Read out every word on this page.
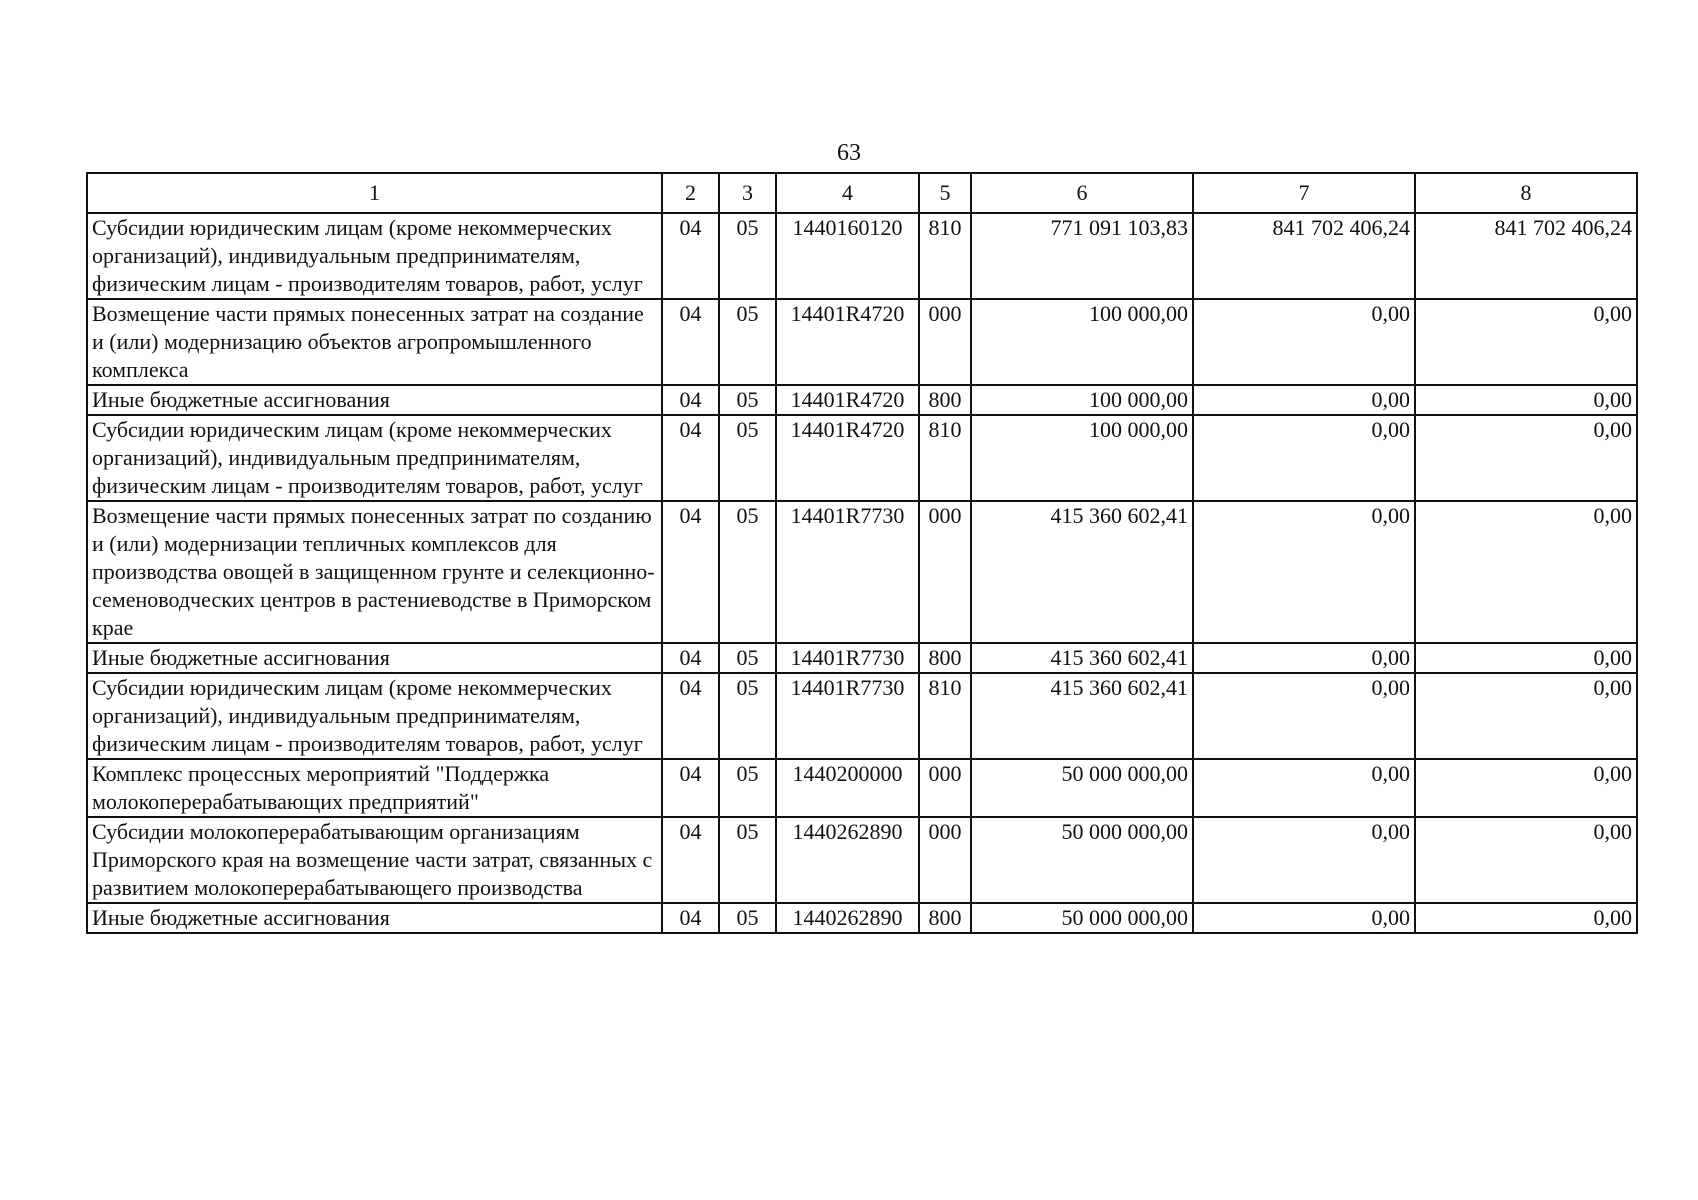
63
1	2	3	4	5	6	7	8
Субсидии юридическим лицам (кроме некоммерческих организаций), индивидуальным предпринимателям, физическим лицам - производителям товаров, работ, услуг	04	05	1440160120	810	771 091 103,83	841 702 406,24	841 702 406,24
Возмещение части прямых понесенных затрат на создание и (или) модернизацию объектов агропромышленного комплекса	04	05	14401R4720	000	100 000,00	0,00	0,00
Иные бюджетные ассигнования	04	05	14401R4720	800	100 000,00	0,00	0,00
Субсидии юридическим лицам (кроме некоммерческих организаций), индивидуальным предпринимателям, физическим лицам - производителям товаров, работ, услуг	04	05	14401R4720	810	100 000,00	0,00	0,00
Возмещение части прямых понесенных затрат по созданию и (или) модернизации тепличных комплексов для производства овощей в защищенном грунте и селекционно-семеноводческих центров в растениеводстве в Приморском крае	04	05	14401R7730	000	415 360 602,41	0,00	0,00
Иные бюджетные ассигнования	04	05	14401R7730	800	415 360 602,41	0,00	0,00
Субсидии юридическим лицам (кроме некоммерческих организаций), индивидуальным предпринимателям, физическим лицам - производителям товаров, работ, услуг	04	05	14401R7730	810	415 360 602,41	0,00	0,00
Комплекс процессных мероприятий "Поддержка молокоперерабатывающих предприятий"	04	05	1440200000	000	50 000 000,00	0,00	0,00
Субсидии молокоперерабатывающим организациям Приморского края на возмещение части затрат, связанных с развитием молокоперерабатывающего производства	04	05	1440262890	000	50 000 000,00	0,00	0,00
Иные бюджетные ассигнования	04	05	1440262890	800	50 000 000,00	0,00	0,00
